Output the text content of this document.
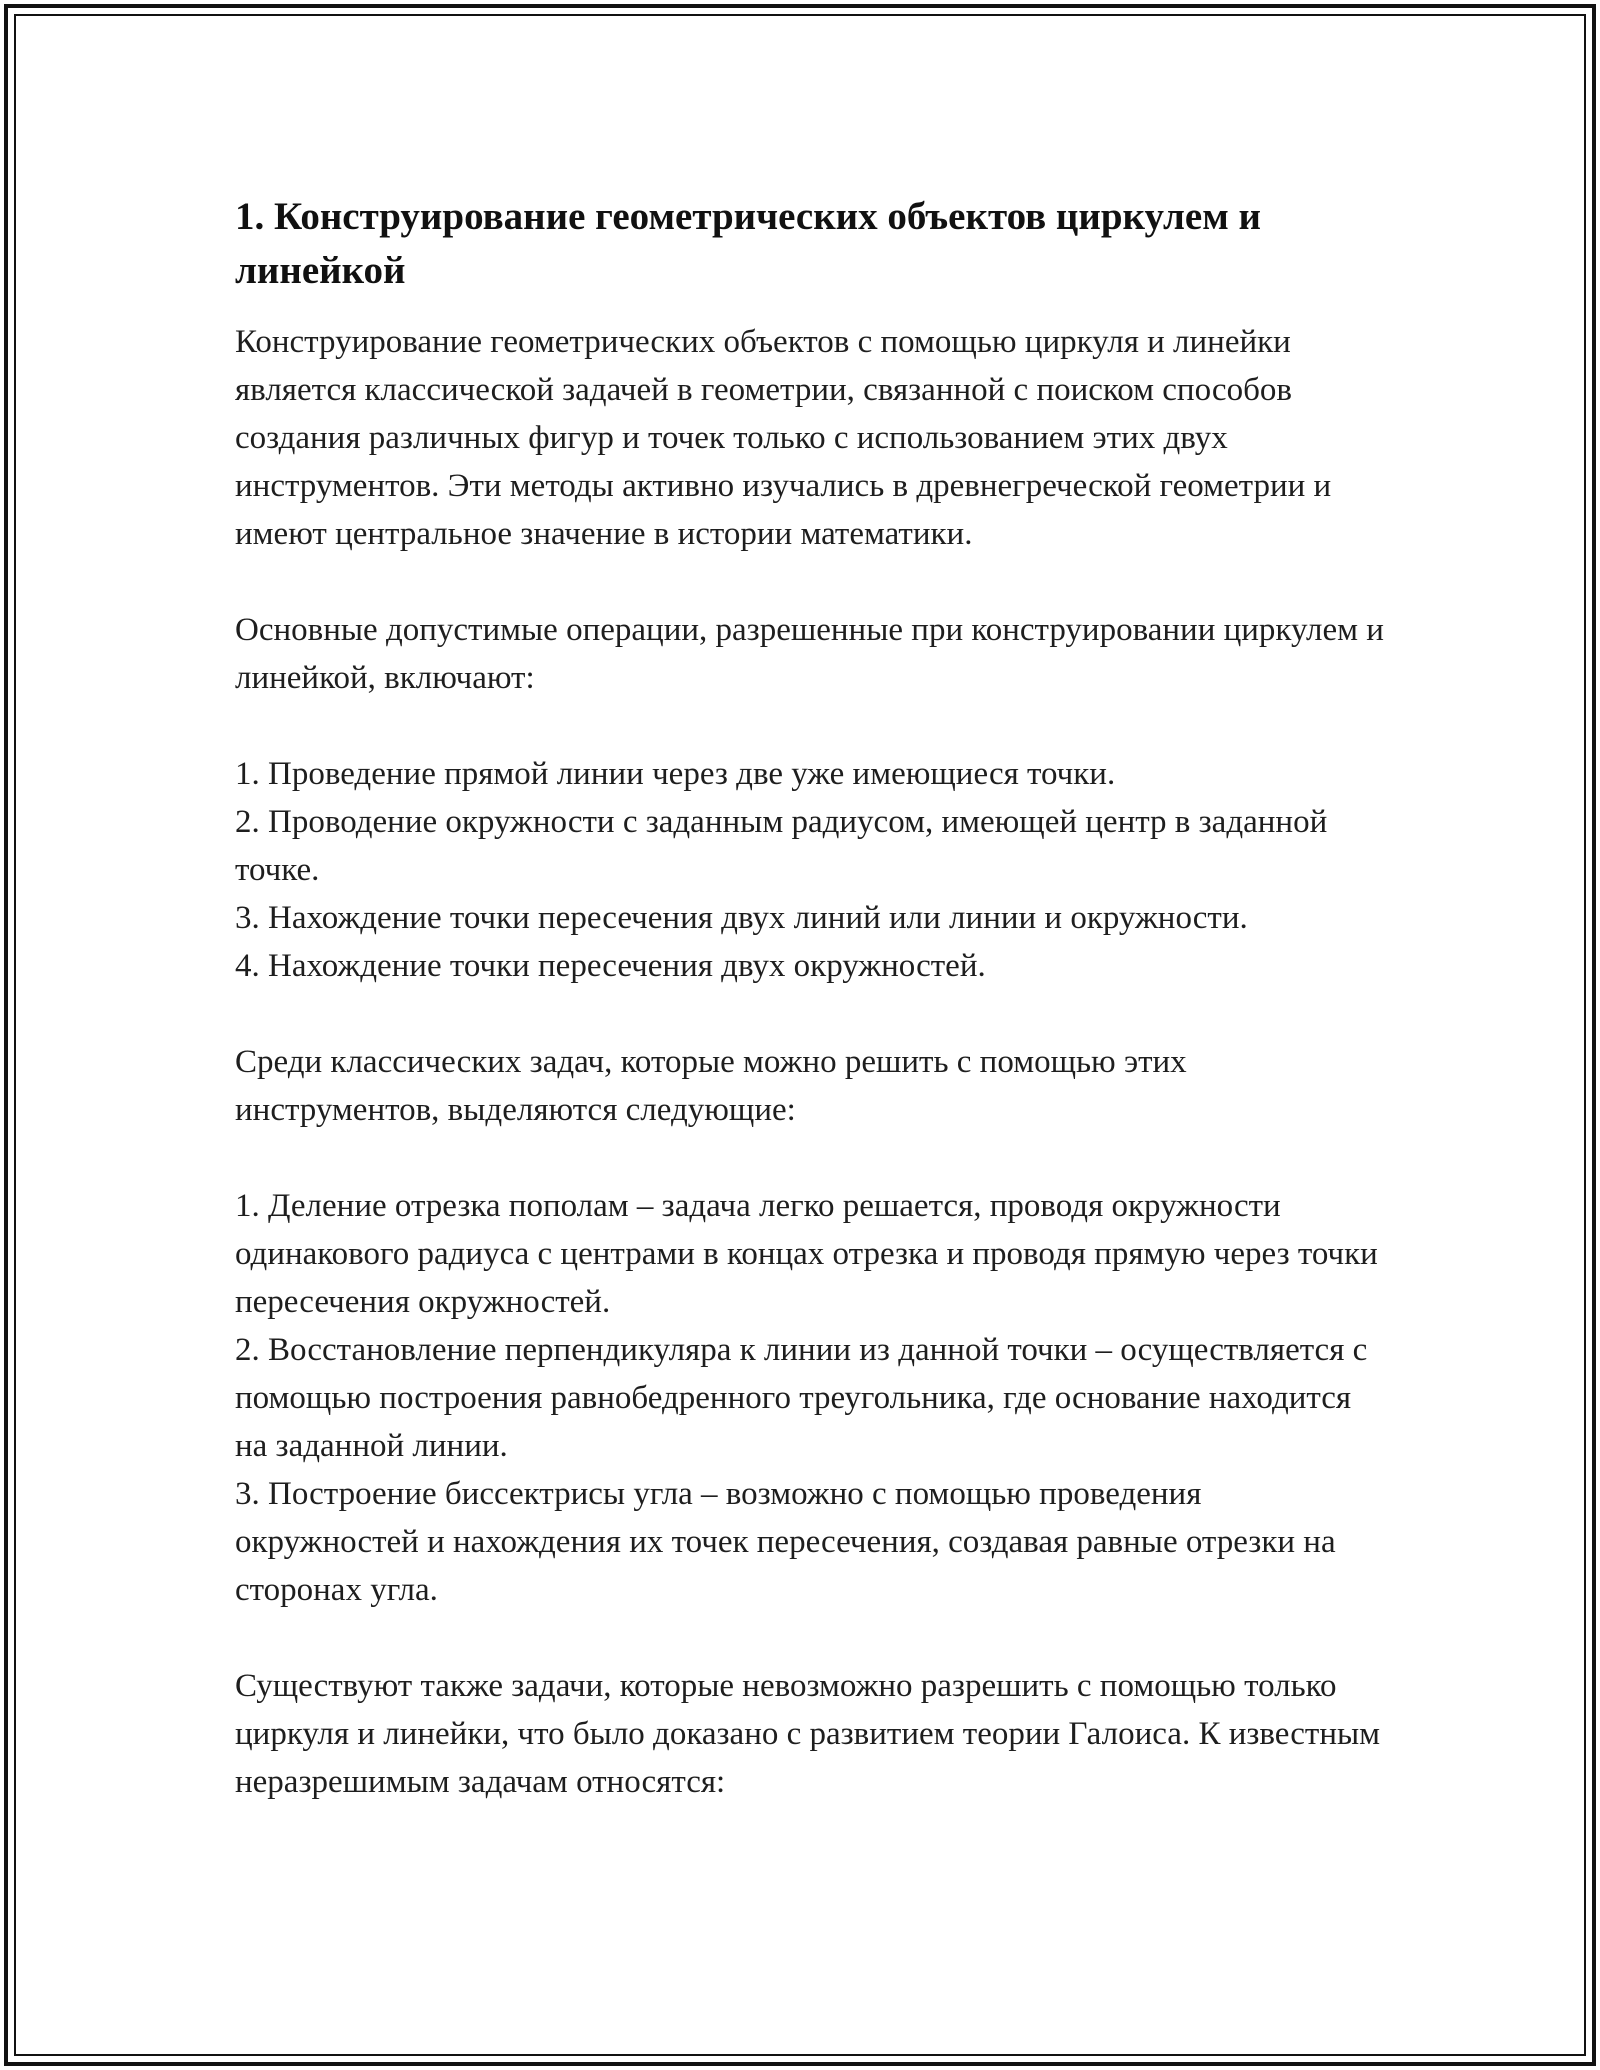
1. Конструирование геометрических объектов циркулем и линейкой

Конструирование геометрических объектов с помощью циркуля и линейки является классической задачей в геометрии, связанной с поиском способов создания различных фигур и точек только с использованием этих двух инструментов. Эти методы активно изучались в древнегреческой геометрии и имеют центральное значение в истории математики.

Основные допустимые операции, разрешенные при конструировании циркулем и линейкой, включают:

1. Проведение прямой линии через две уже имеющиеся точки.

2. Проводение окружности с заданным радиусом, имеющей центр в заданной точке.

3. Нахождение точки пересечения двух линий или линии и окружности.

4. Нахождение точки пересечения двух окружностей.

Среди классических задач, которые можно решить с помощью этих инструментов, выделяются следующие:

1. Деление отрезка пополам – задача легко решается, проводя окружности одинакового радиуса с центрами в концах отрезка и проводя прямую через точки пересечения окружностей.

2. Восстановление перпендикуляра к линии из данной точки – осуществляется с помощью построения равнобедренного треугольника, где основание находится на заданной линии.

3. Построение биссектрисы угла – возможно с помощью проведения окружностей и нахождения их точек пересечения, создавая равные отрезки на сторонах угла.

Существуют также задачи, которые невозможно разрешить с помощью только циркуля и линейки, что было доказано с развитием теории Галоиса. К известным неразрешимым задачам относятся:
